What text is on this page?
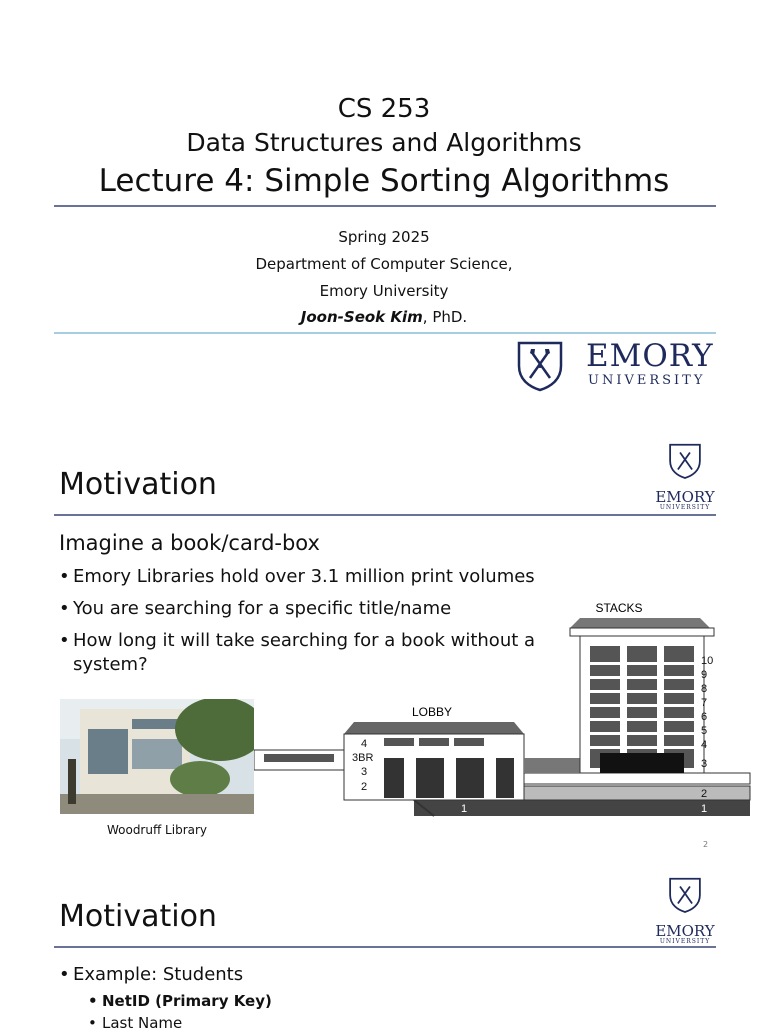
CS 253
Data Structures and Algorithms
Lecture 4: Simple Sorting Algorithms
Spring 2025
Department of Computer Science,
Emory University
Joon-Seok Kim, PhD.
EMORY
UNIVERSITY
Motivation	EMORY
UNIVERSITY
Imagine a book/card-box
• Emory Libraries hold over 3.1 million print volumes
• You are searching for a specific title/name
• How long it will take searching for a book without a system?
Woodruff Library
STACKS
LOBBY
10
9
8
7
6
5
4
3
2
1
4
3BR
3
2
1
2
Motivation	EMORY
UNIVERSITY
• Example: Students
• NetID (Primary Key)
• Last Name
